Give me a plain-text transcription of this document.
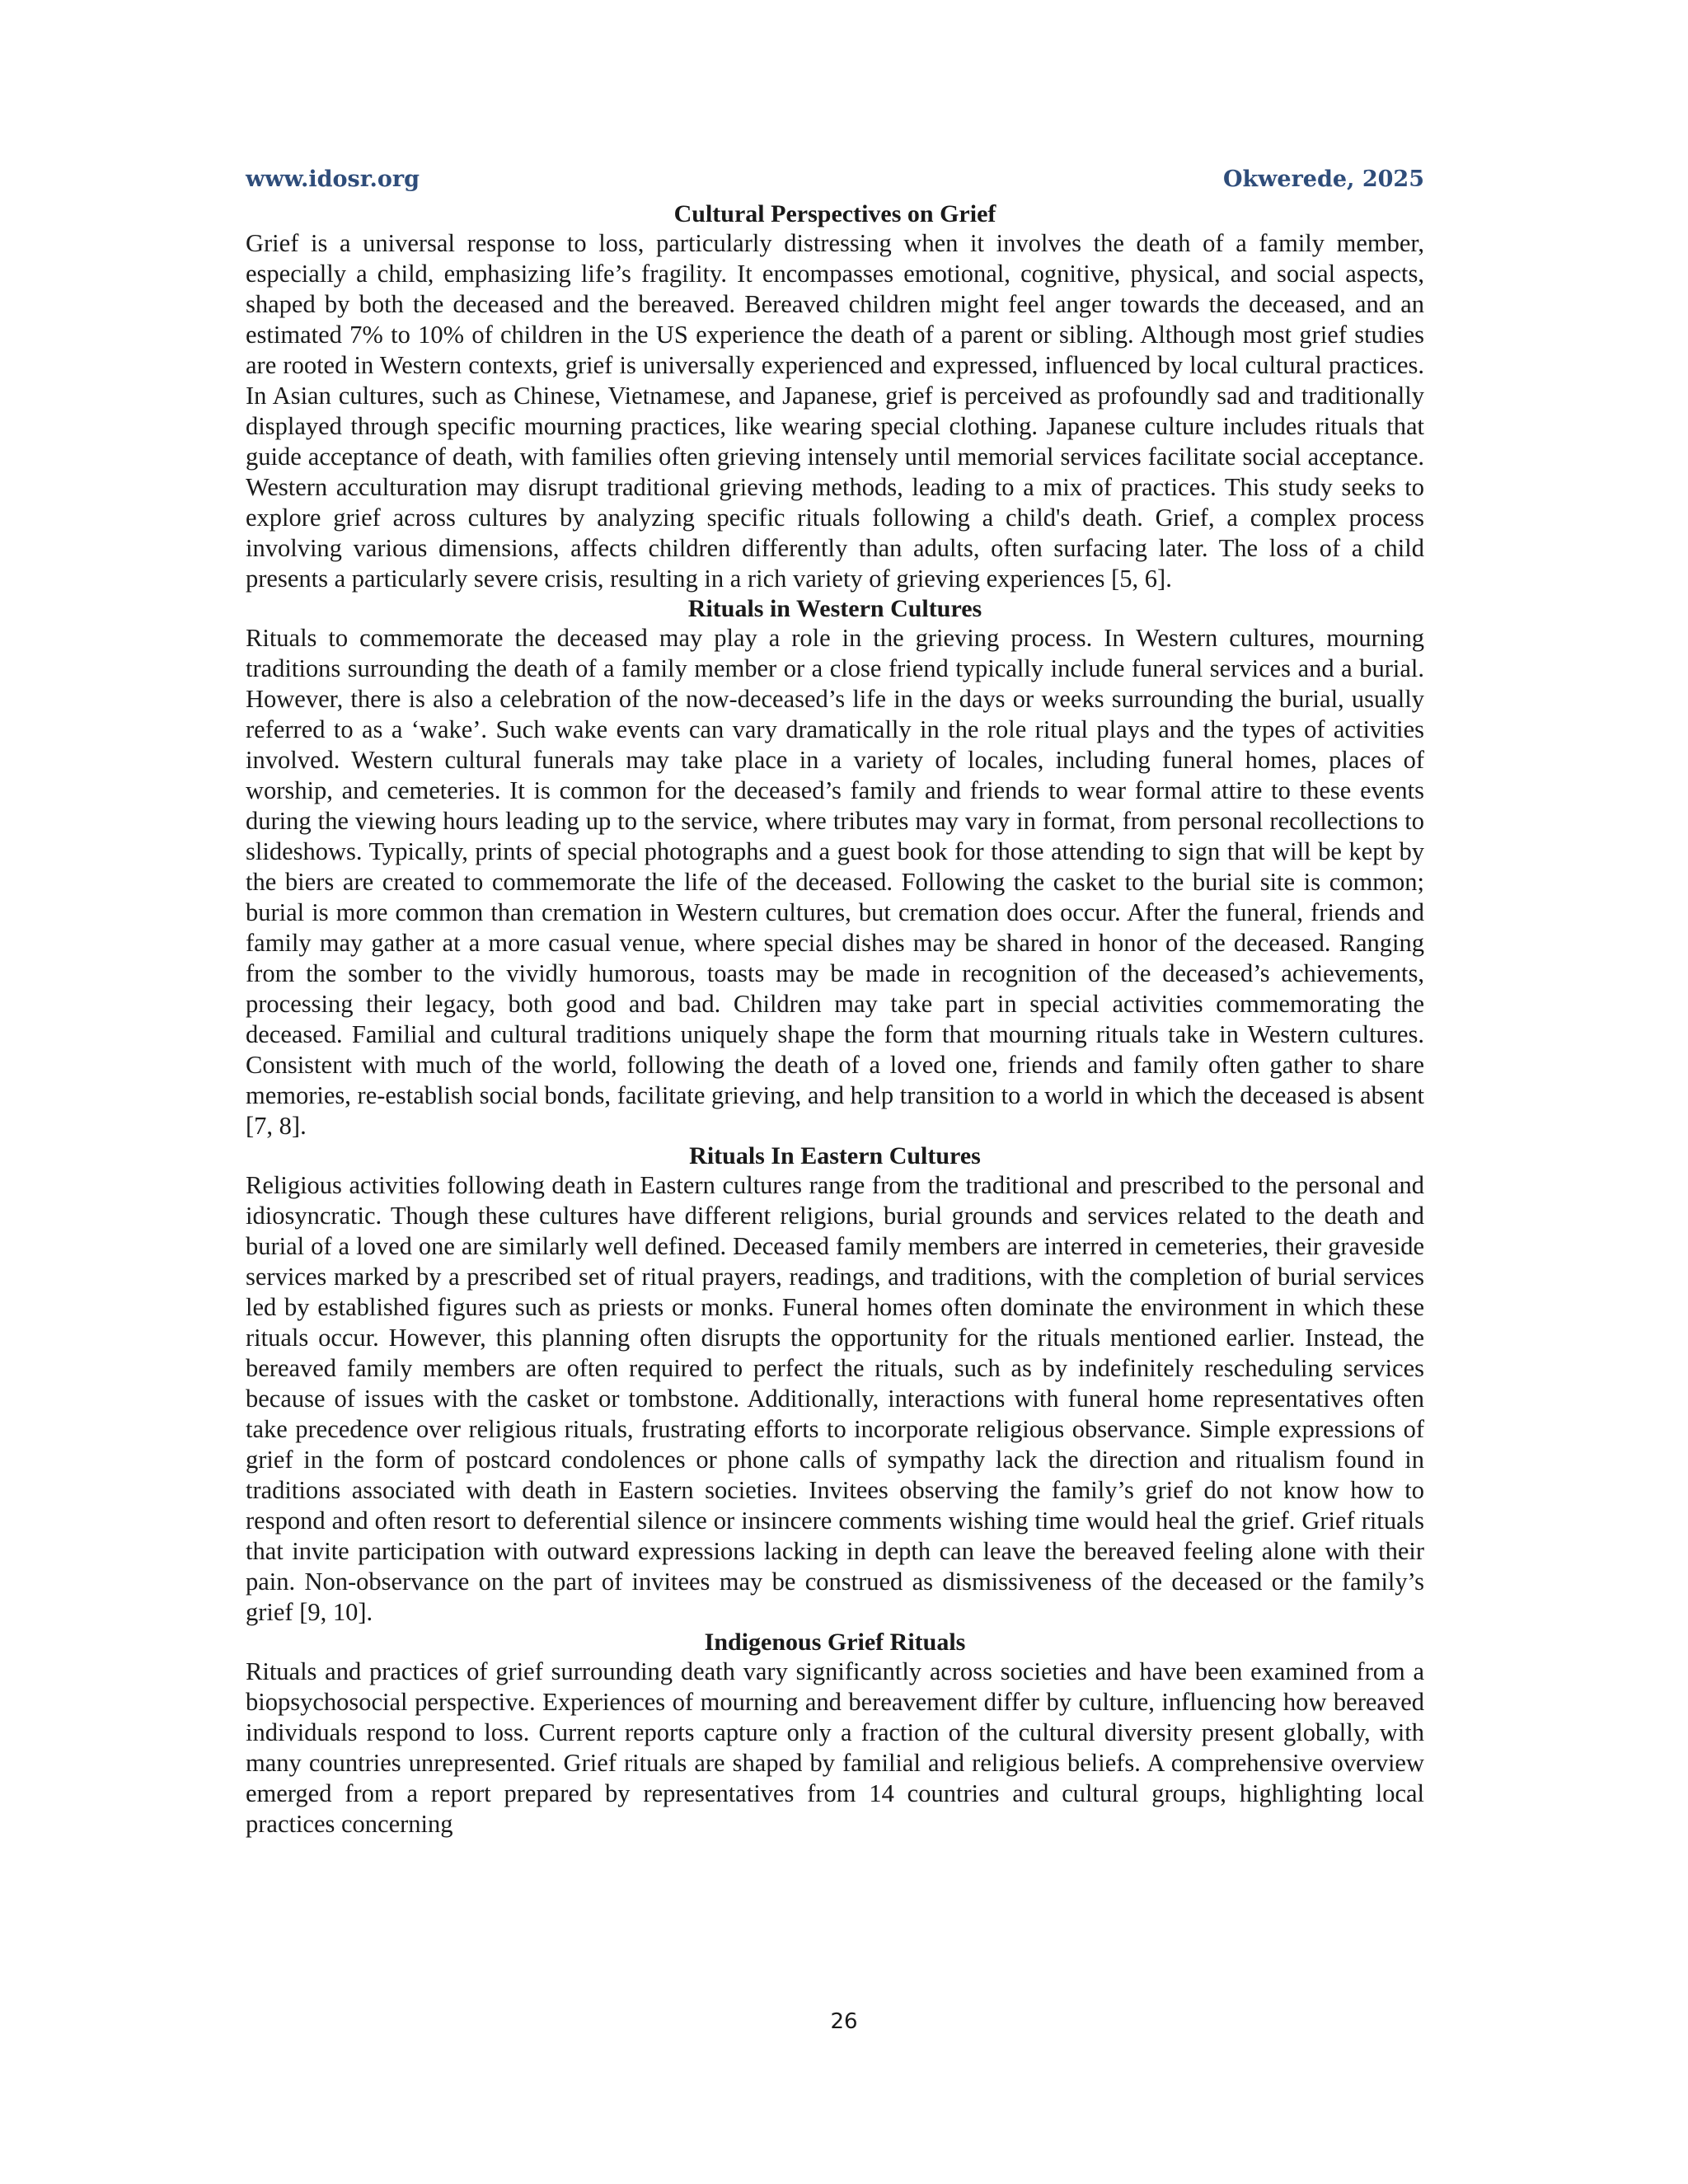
www.idosr.org	Okwerede, 2025
Cultural Perspectives on Grief

Grief is a universal response to loss, particularly distressing when it involves the death of a family member, especially a child, emphasizing life’s fragility. It encompasses emotional, cognitive, physical, and social aspects, shaped by both the deceased and the bereaved. Bereaved children might feel anger towards the deceased, and an estimated 7% to 10% of children in the US experience the death of a parent or sibling. Although most grief studies are rooted in Western contexts, grief is universally experienced and expressed, influenced by local cultural practices. In Asian cultures, such as Chinese, Vietnamese, and Japanese, grief is perceived as profoundly sad and traditionally displayed through specific mourning practices, like wearing special clothing. Japanese culture includes rituals that guide acceptance of death, with families often grieving intensely until memorial services facilitate social acceptance. Western acculturation may disrupt traditional grieving methods, leading to a mix of practices. This study seeks to explore grief across cultures by analyzing specific rituals following a child's death. Grief, a complex process involving various dimensions, affects children differently than adults, often surfacing later. The loss of a child presents a particularly severe crisis, resulting in a rich variety of grieving experiences [5, 6].

Rituals in Western Cultures

Rituals to commemorate the deceased may play a role in the grieving process. In Western cultures, mourning traditions surrounding the death of a family member or a close friend typically include funeral services and a burial. However, there is also a celebration of the now-deceased’s life in the days or weeks surrounding the burial, usually referred to as a ‘wake’. Such wake events can vary dramatically in the role ritual plays and the types of activities involved. Western cultural funerals may take place in a variety of locales, including funeral homes, places of worship, and cemeteries. It is common for the deceased’s family and friends to wear formal attire to these events during the viewing hours leading up to the service, where tributes may vary in format, from personal recollections to slideshows. Typically, prints of special photographs and a guest book for those attending to sign that will be kept by the biers are created to commemorate the life of the deceased. Following the casket to the burial site is common; burial is more common than cremation in Western cultures, but cremation does occur. After the funeral, friends and family may gather at a more casual venue, where special dishes may be shared in honor of the deceased. Ranging from the somber to the vividly humorous, toasts may be made in recognition of the deceased’s achievements, processing their legacy, both good and bad. Children may take part in special activities commemorating the deceased. Familial and cultural traditions uniquely shape the form that mourning rituals take in Western cultures. Consistent with much of the world, following the death of a loved one, friends and family often gather to share memories, re-establish social bonds, facilitate grieving, and help transition to a world in which the deceased is absent [7, 8].

Rituals In Eastern Cultures

Religious activities following death in Eastern cultures range from the traditional and prescribed to the personal and idiosyncratic. Though these cultures have different religions, burial grounds and services related to the death and burial of a loved one are similarly well defined. Deceased family members are interred in cemeteries, their graveside services marked by a prescribed set of ritual prayers, readings, and traditions, with the completion of burial services led by established figures such as priests or monks. Funeral homes often dominate the environment in which these rituals occur. However, this planning often disrupts the opportunity for the rituals mentioned earlier. Instead, the bereaved family members are often required to perfect the rituals, such as by indefinitely rescheduling services because of issues with the casket or tombstone. Additionally, interactions with funeral home representatives often take precedence over religious rituals, frustrating efforts to incorporate religious observance. Simple expressions of grief in the form of postcard condolences or phone calls of sympathy lack the direction and ritualism found in traditions associated with death in Eastern societies. Invitees observing the family’s grief do not know how to respond and often resort to deferential silence or insincere comments wishing time would heal the grief. Grief rituals that invite participation with outward expressions lacking in depth can leave the bereaved feeling alone with their pain. Non-observance on the part of invitees may be construed as dismissiveness of the deceased or the family’s grief [9, 10].

Indigenous Grief Rituals

Rituals and practices of grief surrounding death vary significantly across societies and have been examined from a biopsychosocial perspective. Experiences of mourning and bereavement differ by culture, influencing how bereaved individuals respond to loss. Current reports capture only a fraction of the cultural diversity present globally, with many countries unrepresented. Grief rituals are shaped by familial and religious beliefs. A comprehensive overview emerged from a report prepared by representatives from 14 countries and cultural groups, highlighting local practices concerning

26
